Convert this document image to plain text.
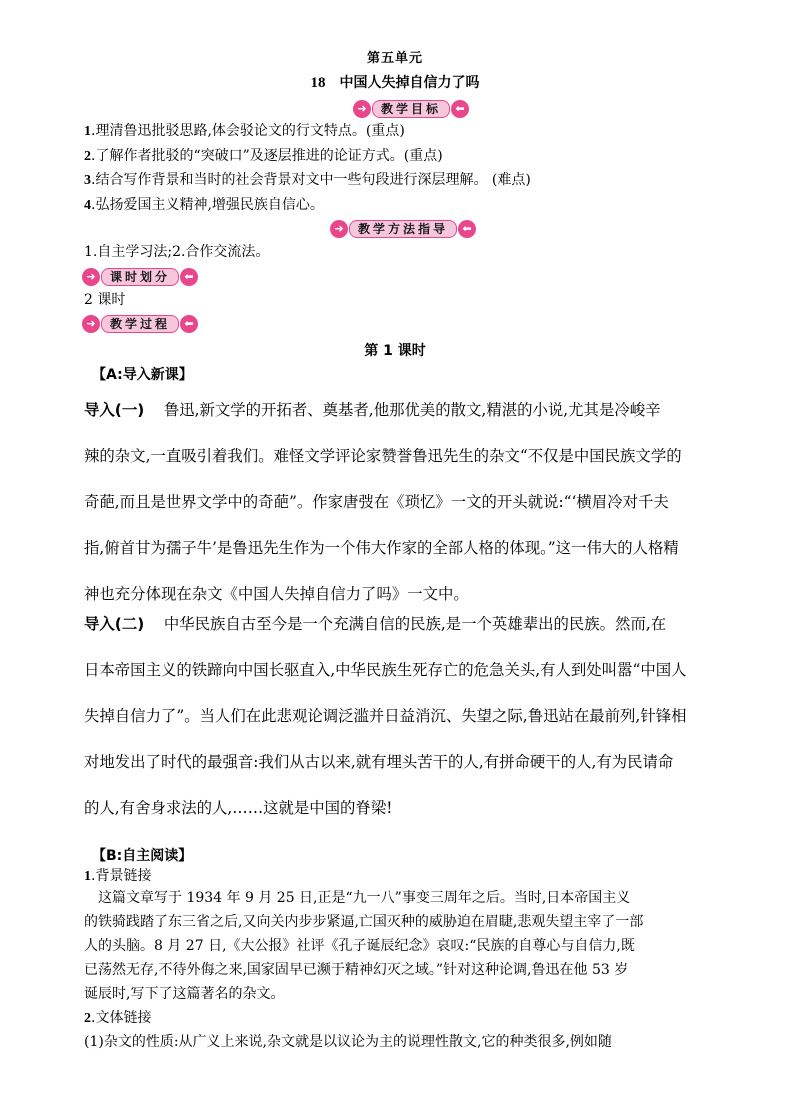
第五单元
18 中国人失掉自信力了吗
➜	教学目标	⬅
1.理清鲁迅批驳思路,体会驳论文的行文特点。(重点)
2.了解作者批驳的“突破口”及逐层推进的论证方式。(重点)
3.结合写作背景和当时的社会背景对文中一些句段进行深层理解。 (难点)
4.弘扬爱国主义精神,增强民族自信心。
➜	教学方法指导	⬅
1.自主学习法;2.合作交流法。
➜	课时划分	⬅
2 课时
➜	教学过程	⬅
第 1 课时
【A:导入新课】
导入(一) 鲁迅,新文学的开拓者、奠基者,他那优美的散文,精湛的小说,尤其是冷峻辛
辣的杂文,一直吸引着我们。难怪文学评论家赞誉鲁迅先生的杂文“不仅是中国民族文学的
奇葩,而且是世界文学中的奇葩”。作家唐弢在《琐忆》一文的开头就说:“‘横眉冷对千夫
指,俯首甘为孺子牛’是鲁迅先生作为一个伟大作家的全部人格的体现。”这一伟大的人格精
神也充分体现在杂文《中国人失掉自信力了吗》一文中。
导入(二) 中华民族自古至今是一个充满自信的民族,是一个英雄辈出的民族。然而,在
日本帝国主义的铁蹄向中国长驱直入,中华民族生死存亡的危急关头,有人到处叫嚣“中国人
失掉自信力了”。当人们在此悲观论调泛滥并日益消沉、失望之际,鲁迅站在最前列,针锋相
对地发出了时代的最强音:我们从古以来,就有埋头苦干的人,有拼命硬干的人,有为民请命
的人,有舍身求法的人,……这就是中国的脊梁!
【B:自主阅读】
1.背景链接
这篇文章写于 1934 年 9 月 25 日,正是“九一八”事变三周年之后。当时,日本帝国主义
的铁骑践踏了东三省之后,又向关内步步紧逼,亡国灭种的威胁迫在眉睫,悲观失望主宰了一部
人的头脑。8 月 27 日,《大公报》社评《孔子诞辰纪念》哀叹:“民族的自尊心与自信力,既
已荡然无存,不待外侮之来,国家固早已濒于精神幻灭之域。”针对这种论调,鲁迅在他 53 岁
诞辰时,写下了这篇著名的杂文。
2.文体链接
(1)杂文的性质:从广义上来说,杂文就是以议论为主的说理性散文,它的种类很多,例如随
